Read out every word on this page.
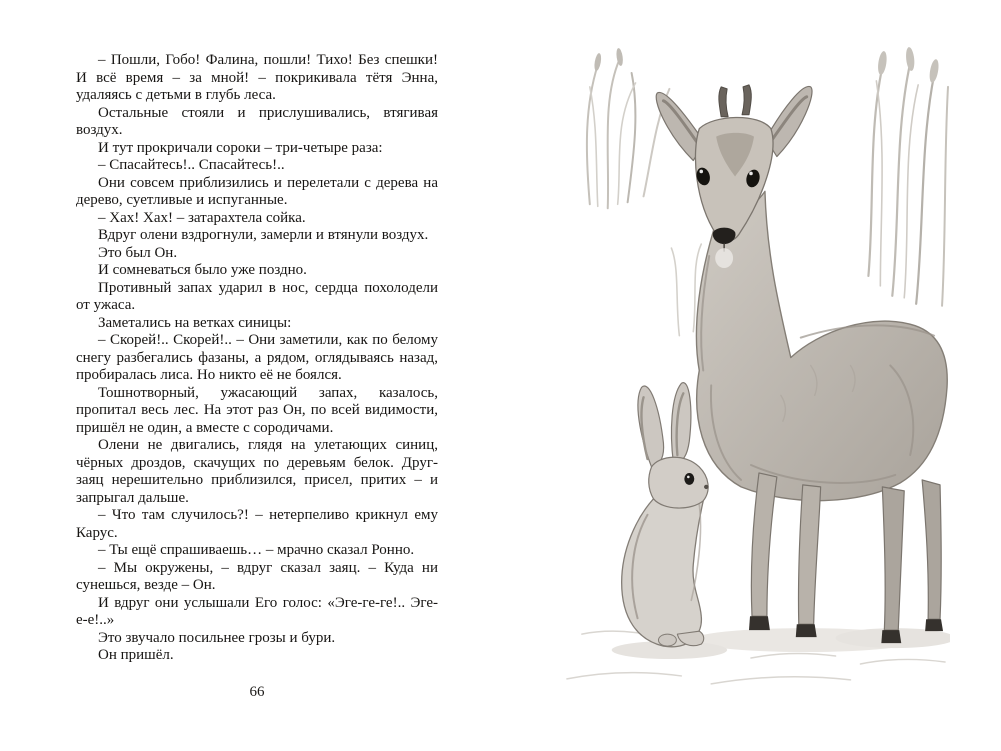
– Пошли, Гобо! Фалина, пошли! Тихо! Без спешки! И всё время – за мной! – покрикивала тётя Энна, удаляясь с детьми в глубь леса.

Остальные стояли и прислушивались, втягивая воздух.

И тут прокричали сороки – три-четыре раза:

– Спасайтесь!.. Спасайтесь!..

Они совсем приблизились и перелетали с дерева на дерево, суетливые и испуганные.

– Хах! Хах! – затарахтела сойка.

Вдруг олени вздрогнули, замерли и втянули воздух.

Это был Он.

И сомневаться было уже поздно.

Противный запах ударил в нос, сердца похолодели от ужаса.

Заметались на ветках синицы:

– Скорей!.. Скорей!.. – Они заметили, как по белому снегу разбегались фазаны, а рядом, оглядываясь назад, пробиралась лиса. Но никто её не боялся.

Тошнотворный, ужасающий запах, казалось, пропитал весь лес. На этот раз Он, по всей видимости, пришёл не один, а вместе с сородичами.

Олени не двигались, глядя на улетающих синиц, чёрных дроздов, скачущих по деревьям белок. Друг-заяц нерешительно приблизился, присел, притих – и запрыгал дальше.

– Что там случилось?! – нетерпеливо крикнул ему Карус.

– Ты ещё спрашиваешь… – мрачно сказал Ронно.

– Мы окружены, – вдруг сказал заяц. – Куда ни сунешься, везде – Он.

И вдруг они услышали Его голос: «Эге-ге-ге!.. Эге-е-е!..»

Это звучало посильнее грозы и бури.

Он пришёл.

66
